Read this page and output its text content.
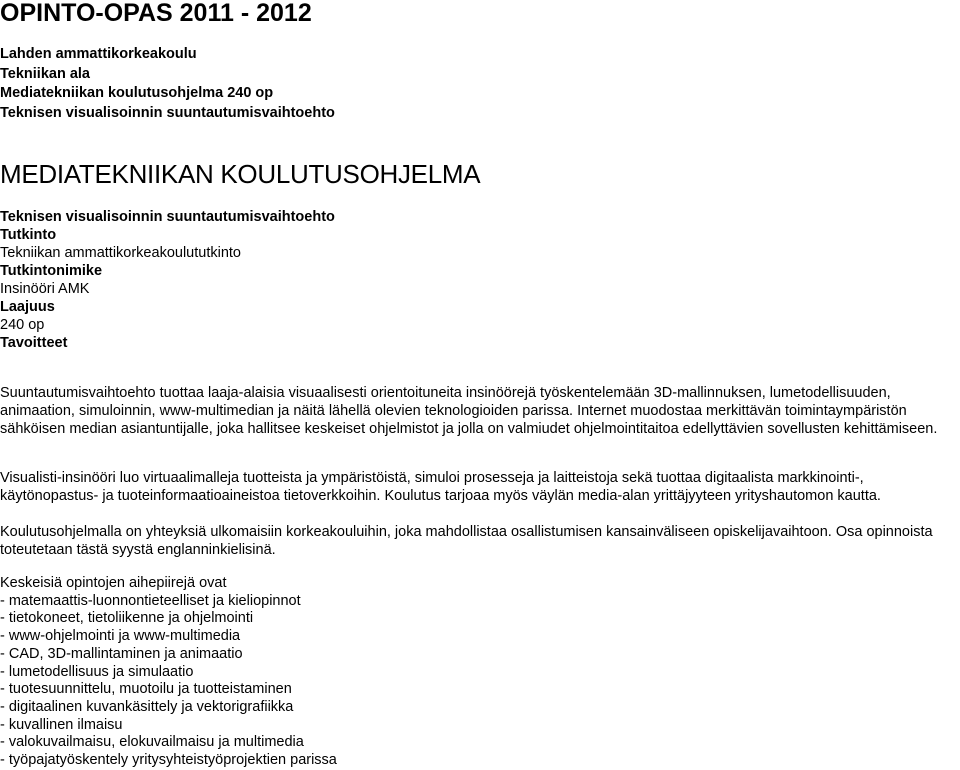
OPINTO-OPAS 2011 - 2012
Lahden ammattikorkeakoulu
Tekniikan ala
Mediatekniikan koulutusohjelma 240 op
Teknisen visualisoinnin suuntautumisvaihtoehto
MEDIATEKNIIKAN KOULUTUSOHJELMA
Teknisen visualisoinnin suuntautumisvaihtoehto
Tutkinto
Tekniikan ammattikorkeakoulututkinto
Tutkintonimike
Insinööri AMK
Laajuus
240 op
Tavoitteet

Suuntautumisvaihtoehto tuottaa laaja-alaisia visuaalisesti orientoituneita insinöörejä työskentelemään 3D-mallinnuksen, lumetodellisuuden, animaation, simuloinnin, www-multimedian ja näitä lähellä olevien teknologioiden parissa. Internet muodostaa merkittävän toimintaympäristön sähköisen median asiantuntijalle, joka hallitsee keskeiset ohjelmistot ja jolla on valmiudet ohjelmointitaitoa edellyttävien sovellusten kehittämiseen.

Visualisti-insinööri luo virtuaalimalleja tuotteista ja ympäristöistä, simuloi prosesseja ja laitteistoja sekä tuottaa digitaalista markkinointi-, käytönopastus- ja tuoteinformaatioaineistoa tietoverkkoihin. Koulutus tarjoaa myös väylän media-alan yrittäjyyteen yrityshautomon kautta.

Koulutusohjelmalla on yhteyksiä ulkomaisiin korkeakouluihin, joka mahdollistaa osallistumisen kansainväliseen opiskelijavaihtoon. Osa opinnoista toteutetaan tästä syystä englanninkielisinä.

Keskeisiä opintojen aihepiirejä ovat
- matemaattis-luonnontieteelliset ja kieliopinnot
- tietokoneet, tietoliikenne ja ohjelmointi
- www-ohjelmointi ja www-multimedia
- CAD, 3D-mallintaminen ja animaatio
- lumetodellisuus ja simulaatio
- tuotesuunnittelu, muotoilu ja tuotteistaminen
- digitaalinen kuvankäsittely ja vektorigrafiikka
- kuvallinen ilmaisu
- valokuvailmaisu, elokuvailmaisu ja multimedia
- työpajatyöskentely yritysyhteistyöprojektien parissa
